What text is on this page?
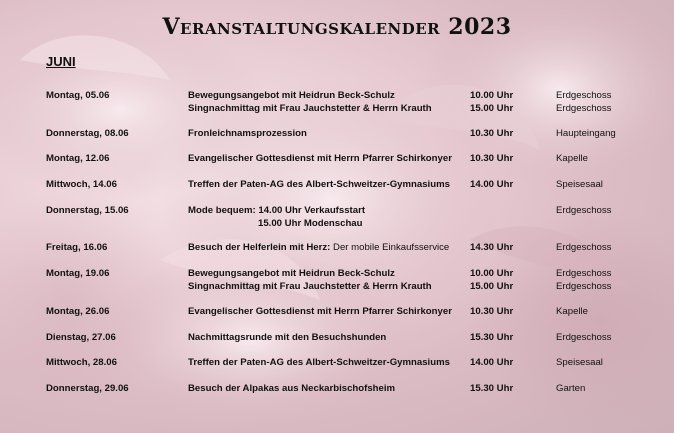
Veranstaltungskalender 2023
JUNI
Montag, 05.06	Bewegungsangebot mit Heidrun Beck-Schulz	10.00 Uhr	Erdgeschoss
Singnachmittag mit Frau Jauchstetter & Herrn Krauth	15.00 Uhr	Erdgeschoss
Donnerstag, 08.06	Fronleichnamsprozession	10.30 Uhr	Haupteingang
Montag, 12.06	Evangelischer Gottesdienst mit Herrn Pfarrer Schirkonyer 10.30 Uhr	Kapelle
Mittwoch, 14.06	Treffen der Paten-AG des Albert-Schweitzer-Gymnasiums 14.00 Uhr	Speisesaal
Donnerstag, 15.06	Mode bequem: 14.00 Uhr Verkaufsstart	Erdgeschoss
15.00 Uhr Modenschau
Freitag, 16.06	Besuch der Helferlein mit Herz: Der mobile Einkaufsservice 14.30 Uhr	Erdgeschoss
Montag, 19.06	Bewegungsangebot mit Heidrun Beck-Schulz	10.00 Uhr	Erdgeschoss
Singnachmittag mit Frau Jauchstetter & Herrn Krauth	15.00 Uhr	Erdgeschoss
Montag, 26.06	Evangelischer Gottesdienst mit Herrn Pfarrer Schirkonyer 10.30 Uhr	Kapelle
Dienstag, 27.06	Nachmittagsrunde mit den Besuchshunden	15.30 Uhr	Erdgeschoss
Mittwoch, 28.06	Treffen der Paten-AG des Albert-Schweitzer-Gymnasiums 14.00 Uhr	Speisesaal
Donnerstag, 29.06	Besuch der Alpakas aus Neckarbischofsheim	15.30 Uhr	Garten
